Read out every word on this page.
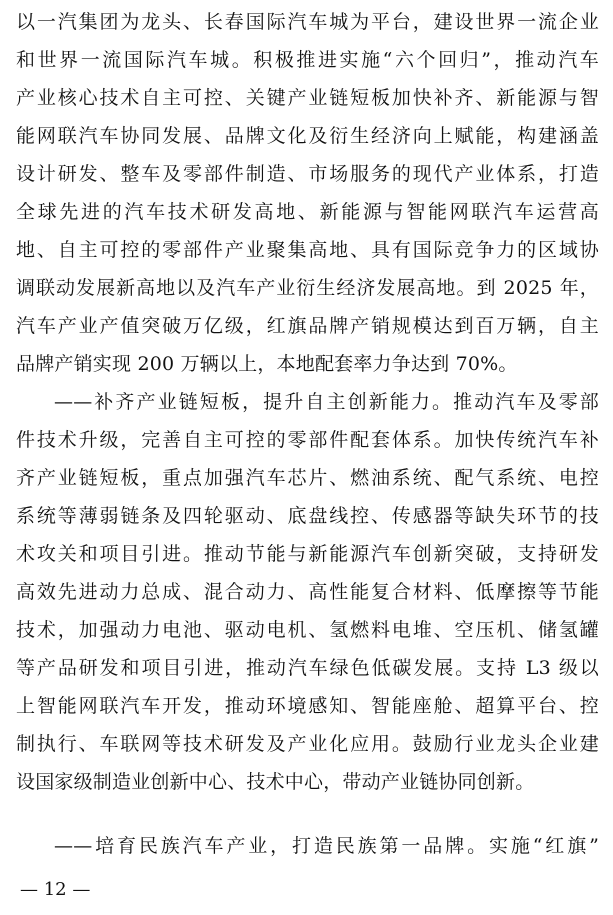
以一汽集团为龙头、长春国际汽车城为平台，建设世界一流企业
和世界一流国际汽车城。积极推进实施“六个回归”，推动汽车
产业核心技术自主可控、关键产业链短板加快补齐、新能源与智
能网联汽车协同发展、品牌文化及衍生经济向上赋能，构建涵盖
设计研发、整车及零部件制造、市场服务的现代产业体系，打造
全球先进的汽车技术研发高地、新能源与智能网联汽车运营高
地、自主可控的零部件产业聚集高地、具有国际竞争力的区域协
调联动发展新高地以及汽车产业衍生经济发展高地。到 2025 年，
汽车产业产值突破万亿级，红旗品牌产销规模达到百万辆，自主
品牌产销实现 200 万辆以上，本地配套率力争达到 70%。
——补齐产业链短板，提升自主创新能力。推动汽车及零部
件技术升级，完善自主可控的零部件配套体系。加快传统汽车补
齐产业链短板，重点加强汽车芯片、燃油系统、配气系统、电控
系统等薄弱链条及四轮驱动、底盘线控、传感器等缺失环节的技
术攻关和项目引进。推动节能与新能源汽车创新突破，支持研发
高效先进动力总成、混合动力、高性能复合材料、低摩擦等节能
技术，加强动力电池、驱动电机、氢燃料电堆、空压机、储氢罐
等产品研发和项目引进，推动汽车绿色低碳发展。支持 L3 级以
上智能网联汽车开发，推动环境感知、智能座舱、超算平台、控
制执行、车联网等技术研发及产业化应用。鼓励行业龙头企业建
设国家级制造业创新中心、技术中心，带动产业链协同创新。
——培育民族汽车产业，打造民族第一品牌。实施“红旗”
— 12 —
